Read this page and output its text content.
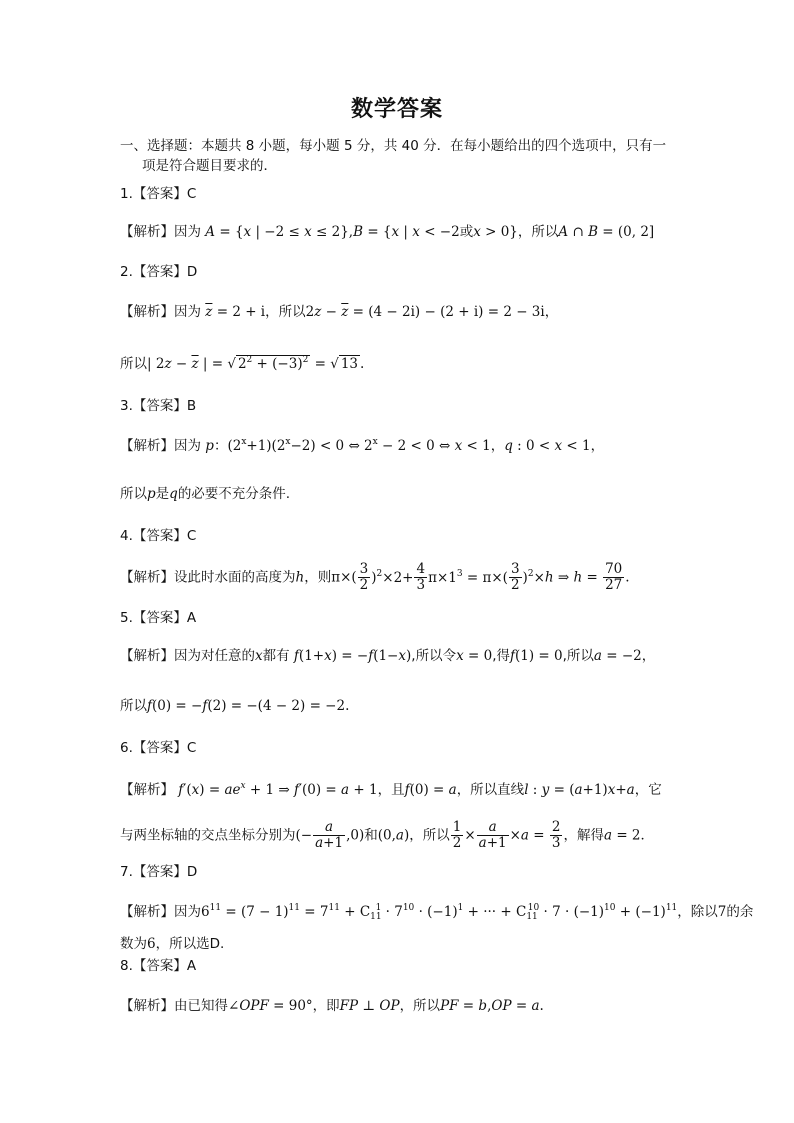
数学答案
一、选择题：本题共 8 小题，每小题 5 分，共 40 分．在每小题给出的四个选项中，只有一
项是符合题目要求的．
1.【答案】C
【解析】因为 A = {x | −2 ≤ x ≤ 2},B = {x | x < −2或x > 0}，所以A ∩ B = (0, 2]
2.【答案】D
【解析】因为 $\overline{z} = 2 + i$，所以$2z - \overline{z} = (4 - 2i) - (2 + i) = 2 - 3i$，
所以| $2z - \overline{z}$ | = √ $2^2 + (-3)^2$ = √ 13 .
3.【答案】B
【解析】因为 p：$(2^x+1)(2^x-2) < 0$ ⇔ $2^x - 2 < 0$ ⇔ x < 1，q : 0 < x < 1，
所以p是q的必要不充分条件.
4.【答案】C
【解析】设此时水面的高度为h，则$\pi\times( \frac{3}{2} )^2\times 2+ \frac{4}{3} \pi\times 1^3 = \pi\times( \frac{3}{2} )^2\times h$ ⇒ $h = \frac{70}{27}$ .
5.【答案】A
【解析】因为对任意的x都有 f(1+x) = −f(1−x),所以令x = 0,得f(1) = 0,所以a = −2，
所以f(0) = −f(2) = −(4 − 2) = −2.
6.【答案】C
【解析】 $f'(x) = ae^x + 1$ ⇒ f′(0) = a + 1，且f(0) = a，所以直线l : y = (a+1)x+a，它
与两坐标轴的交点坐标分别为(− $\frac{a}{a+1} ,0$)和(0,a)，所以 $\frac{1}{2} \times \frac{a}{a+1} \times a = \frac{2}{3}$ ，解得a = 2．
7.【答案】D
【解析】因为$6^{11} = (7 - 1)^{11} = 7^{11} + C_{11}^1 \cdot 7^{10} \cdot (-1)^1$ + ··· + $C_{11}^{10} \cdot 7 \cdot (-1)^{10} + (-1)^{11}$，除以7的余
数为6，所以选D.
8.【答案】A
【解析】由已知得∠OPF = 90°，即FP ⊥ OP，所以PF = b,OP = a.
